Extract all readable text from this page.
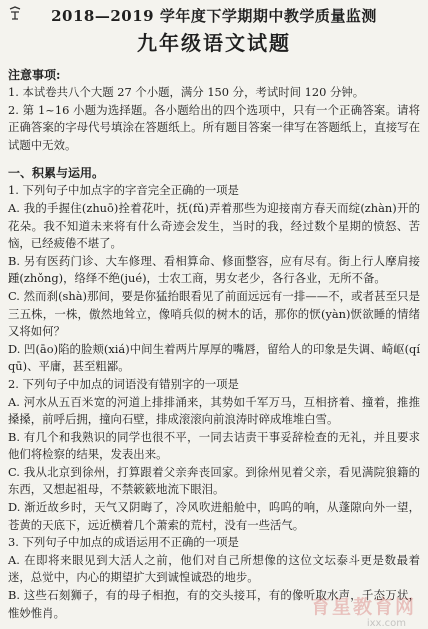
2018—2019 学年度下学期期中教学质量监测
九年级语文试题
注意事项:

1. 本试卷共八个大题 27 个小题，满分 150 分，考试时间 120 分钟。

2. 第 1~16 小题为选择题。各小题给出的四个选项中，只有一个正确答案。请将正确答案的字母代号填涂在答题纸上。所有题目答案一律写在答题纸上，直接写在试题中无效。

一、积累与运用。

1. 下列句子中加点字的字音完全正确的一项是

A. 我的手握住(zhuō)拴着花叶，抚(fǔ)弄着那些为迎接南方春天而绽(zhàn)开的花朵。我不知道未来将有什么奇迹会发生，当时的我，经过数个星期的愤怒、苦恼，已经疲倦不堪了。

B. 另有医药门诊、大车修理、看相算命、修面整容，应有尽有。街上行人摩肩接踵(zhǒng)，络绎不绝(jué)，士农工商，男女老少，各行各业，无所不备。

C. 然而刹(shà)那间，要是你猛抬眼看见了前面远远有一排——不，或者甚至只是三五株，一株，傲然地耸立，像哨兵似的树木的话，那你的恹(yàn)恹欲睡的情绪又将如何？

D. 凹(āo)陷的脸颊(xiá)中间生着两片厚厚的嘴唇，留给人的印象是失调、崎岖(qí qū)、平庸，甚至粗鄙。

2. 下列句子中加点的词语没有错别字的一项是

A. 河水从五百米宽的河道上排排涌来，其势如千军万马，互相挤着、撞着，推推搡搡，前呼后拥，撞向石壁，排成滚滚向前浪涛时碎成堆堆白雪。

B. 有几个和我熟识的同学也很不平，一同去诘责干事妥辞检查的无礼，并且要求他们将检察的结果，发表出来。

C. 我从北京到徐州，打算跟着父亲奔丧回家。到徐州见着父亲，看见满院狼籍的东西，又想起祖母，不禁簌簌地流下眼泪。

D. 渐近故乡时，天气又阴晦了，冷风吹进船舱中，呜呜的响，从蓬隙向外一望，苍黄的天底下，远近横着几个萧索的荒村，没有一些活气。

3. 下列句子中加点的成语运用不正确的一项是

A. 在即将来眼见到大活人之前，他们对自己所想像的这位文坛泰斗更是数最着迷，总觉中，内心的期望扩大到诚惶诚恐的地步。

B. 这些石刻狮子，有的母子相抱，有的交头接耳，有的像听取水声，千态万状，惟妙惟肖。	育星教育网
ixx.com
